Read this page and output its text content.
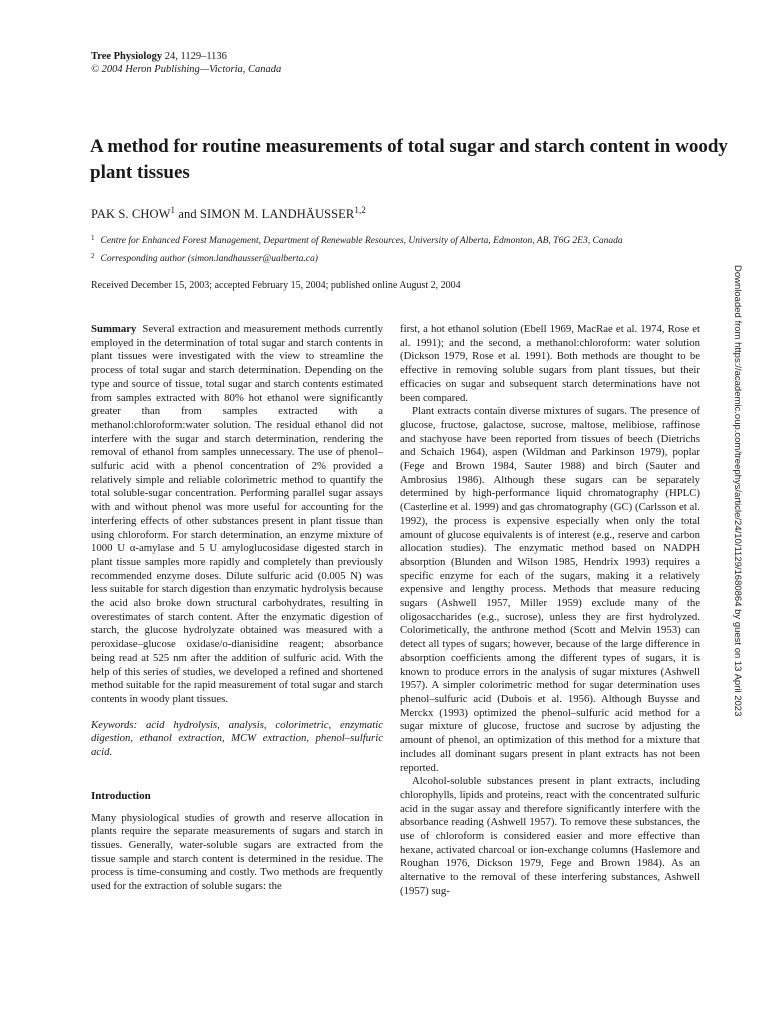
Tree Physiology 24, 1129–1136
© 2004 Heron Publishing—Victoria, Canada
A method for routine measurements of total sugar and starch content in woody plant tissues
PAK S. CHOW$^1$ and SIMON M. LANDHÄUSSER$^{1,2}$
$^1$ Centre for Enhanced Forest Management, Department of Renewable Resources, University of Alberta, Edmonton, AB, T6G 2E3, Canada
$^2$ Corresponding author (simon.landhausser@ualberta.ca)
Received December 15, 2003; accepted February 15, 2004; published online August 2, 2004

Summary Several extraction and measurement methods currently employed in the determination of total sugar and starch contents in plant tissues were investigated with the view to streamline the process of total sugar and starch determination. Depending on the type and source of tissue, total sugar and starch contents estimated from samples extracted with 80% hot ethanol were significantly greater than from samples extracted with a methanol:chloroform:water solution. The residual ethanol did not interfere with the sugar and starch determination, rendering the removal of ethanol from samples unnecessary. The use of phenol–sulfuric acid with a phenol concentration of 2% provided a relatively simple and reliable colorimetric method to quantify the total soluble-sugar concentration. Performing parallel sugar assays with and without phenol was more useful for accounting for the interfering effects of other substances present in plant tissue than using chloroform. For starch determination, an enzyme mixture of 1000 U α-amylase and 5 U amyloglucosidase digested starch in plant tissue samples more rapidly and completely than previously recommended enzyme doses. Dilute sulfuric acid (0.005 N) was less suitable for starch digestion than enzymatic hydrolysis because the acid also broke down structural carbohydrates, resulting in overestimates of starch content. After the enzymatic digestion of starch, the glucose hydrolyzate obtained was measured with a peroxidase–glucose oxidase/o-dianisidine reagent; absorbance being read at 525 nm after the addition of sulfuric acid. With the help of this series of studies, we developed a refined and shortened method suitable for the rapid measurement of total sugar and starch contents in woody plant tissues.

Keywords: acid hydrolysis, analysis, colorimetric, enzymatic digestion, ethanol extraction, MCW extraction, phenol–sulfuric acid.

Introduction

Many physiological studies of growth and reserve allocation in plants require the separate measurements of sugars and starch in tissues. Generally, water-soluble sugars are extracted from the tissue sample and starch content is determined in the residue. The process is time-consuming and costly. Two methods are frequently used for the extraction of soluble sugars: the

first, a hot ethanol solution (Ebell 1969, MacRae et al. 1974, Rose et al. 1991); and the second, a methanol:chloroform: water solution (Dickson 1979, Rose et al. 1991). Both methods are thought to be effective in removing soluble sugars from plant tissues, but their efficacies on sugar and subsequent starch determinations have not been compared.

Plant extracts contain diverse mixtures of sugars. The presence of glucose, fructose, galactose, sucrose, maltose, melibiose, raffinose and stachyose have been reported from tissues of beech (Dietrichs and Schaich 1964), aspen (Wildman and Parkinson 1979), poplar (Fege and Brown 1984, Sauter 1988) and birch (Sauter and Ambrosius 1986). Although these sugars can be separately determined by high-performance liquid chromatography (HPLC) (Casterline et al. 1999) and gas chromatography (GC) (Carlsson et al. 1992), the process is expensive especially when only the total amount of glucose equivalents is of interest (e.g., reserve and carbon allocation studies). The enzymatic method based on NADPH absorption (Blunden and Wilson 1985, Hendrix 1993) requires a specific enzyme for each of the sugars, making it a relatively expensive and lengthy process. Methods that measure reducing sugars (Ashwell 1957, Miller 1959) exclude many of the oligosaccharides (e.g., sucrose), unless they are first hydrolyzed. Colorimetically, the anthrone method (Scott and Melvin 1953) can detect all types of sugars; however, because of the large difference in absorption coefficients among the different types of sugars, it is known to produce errors in the analysis of sugar mixtures (Ashwell 1957). A simpler colorimetric method for sugar determination uses phenol–sulfuric acid (Dubois et al. 1956). Although Buysse and Merckx (1993) optimized the phenol–sulfuric acid method for a sugar mixture of glucose, fructose and sucrose by adjusting the amount of phenol, an optimization of this method for a mixture that includes all dominant sugars present in plant extracts has not been reported.

Alcohol-soluble substances present in plant extracts, including chlorophylls, lipids and proteins, react with the concentrated sulfuric acid in the sugar assay and therefore significantly interfere with the absorbance reading (Ashwell 1957). To remove these substances, the use of chloroform is considered easier and more effective than hexane, activated charcoal or ion-exchange columns (Haslemore and Roughan 1976, Dickson 1979, Fege and Brown 1984). As an alternative to the removal of these interfering substances, Ashwell (1957) sug-

Downloaded from https://academic.oup.com/treephys/article/24/10/1129/1680864 by guest on 13 April 2023
